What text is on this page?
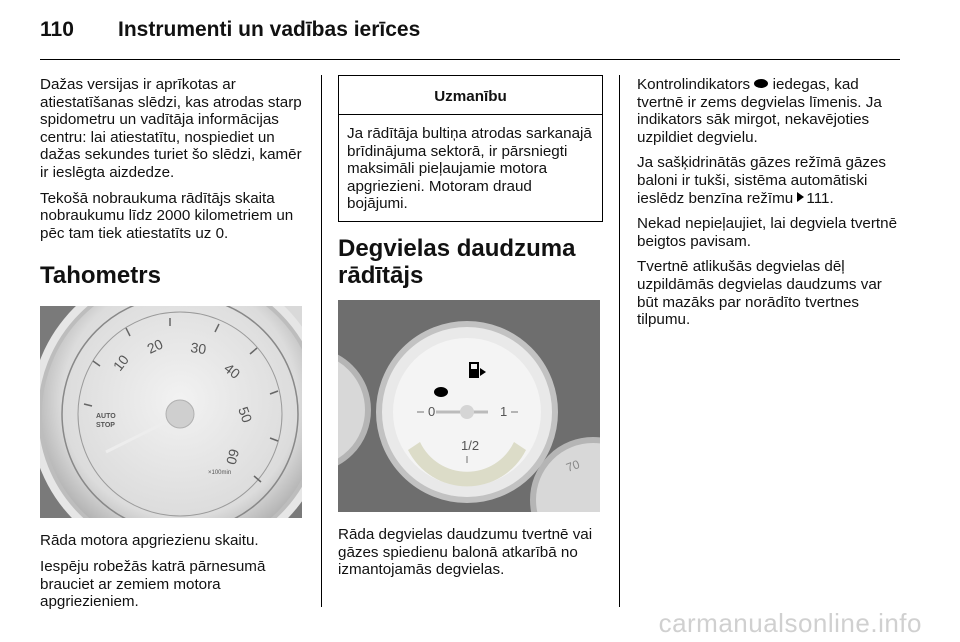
110 Instrumenti un vadības ierīces

Dažas versijas ir aprīkotas ar atiestatīšanas slēdzi, kas atrodas starp spidometru un vadītāja informācijas centru: lai atiestatītu, nospiediet un dažas sekundes turiet šo slēdzi, kamēr ir ieslēgta aizdedze.

Tekošā nobraukuma rādītājs skaita nobraukumu līdz 2000 kilometriem un pēc tam tiek atiestatīts uz 0.

Tahometrs
10
20 30
40
50
60
AUTO
STOP
×100min

Rāda motora apgriezienu skaitu.

Iespēju robežās katrā pārnesumā brauciet ar zemiem motora apgriezieniem.

Uzmanību
Ja rādītāja bultiņa atrodas sarkanajā brīdinājuma sektorā, ir pārsniegti maksimāli pieļaujamie motora apgriezieni. Motoram draud bojājumi.
Degvielas daudzuma rādītājs
70
0	1
1/2

Rāda degvielas daudzumu tvertnē vai gāzes spiedienu balonā atkarībā no izmantojamās degvielas.

Kontrolindikators iedegas, kad tvertnē ir zems degvielas līmenis. Ja indikators sāk mirgot, nekavējoties uzpildiet degvielu.

Ja sašķidrinātās gāzes režīmā gāzes baloni ir tukši, sistēma automātiski ieslēdz benzīna režīmu 111.

Nekad nepieļaujiet, lai degviela tvertnē beigtos pavisam.

Tvertnē atlikušās degvielas dēļ uzpildāmās degvielas daudzums var būt mazāks par norādīto tvertnes tilpumu.

carmanualsonline.info
